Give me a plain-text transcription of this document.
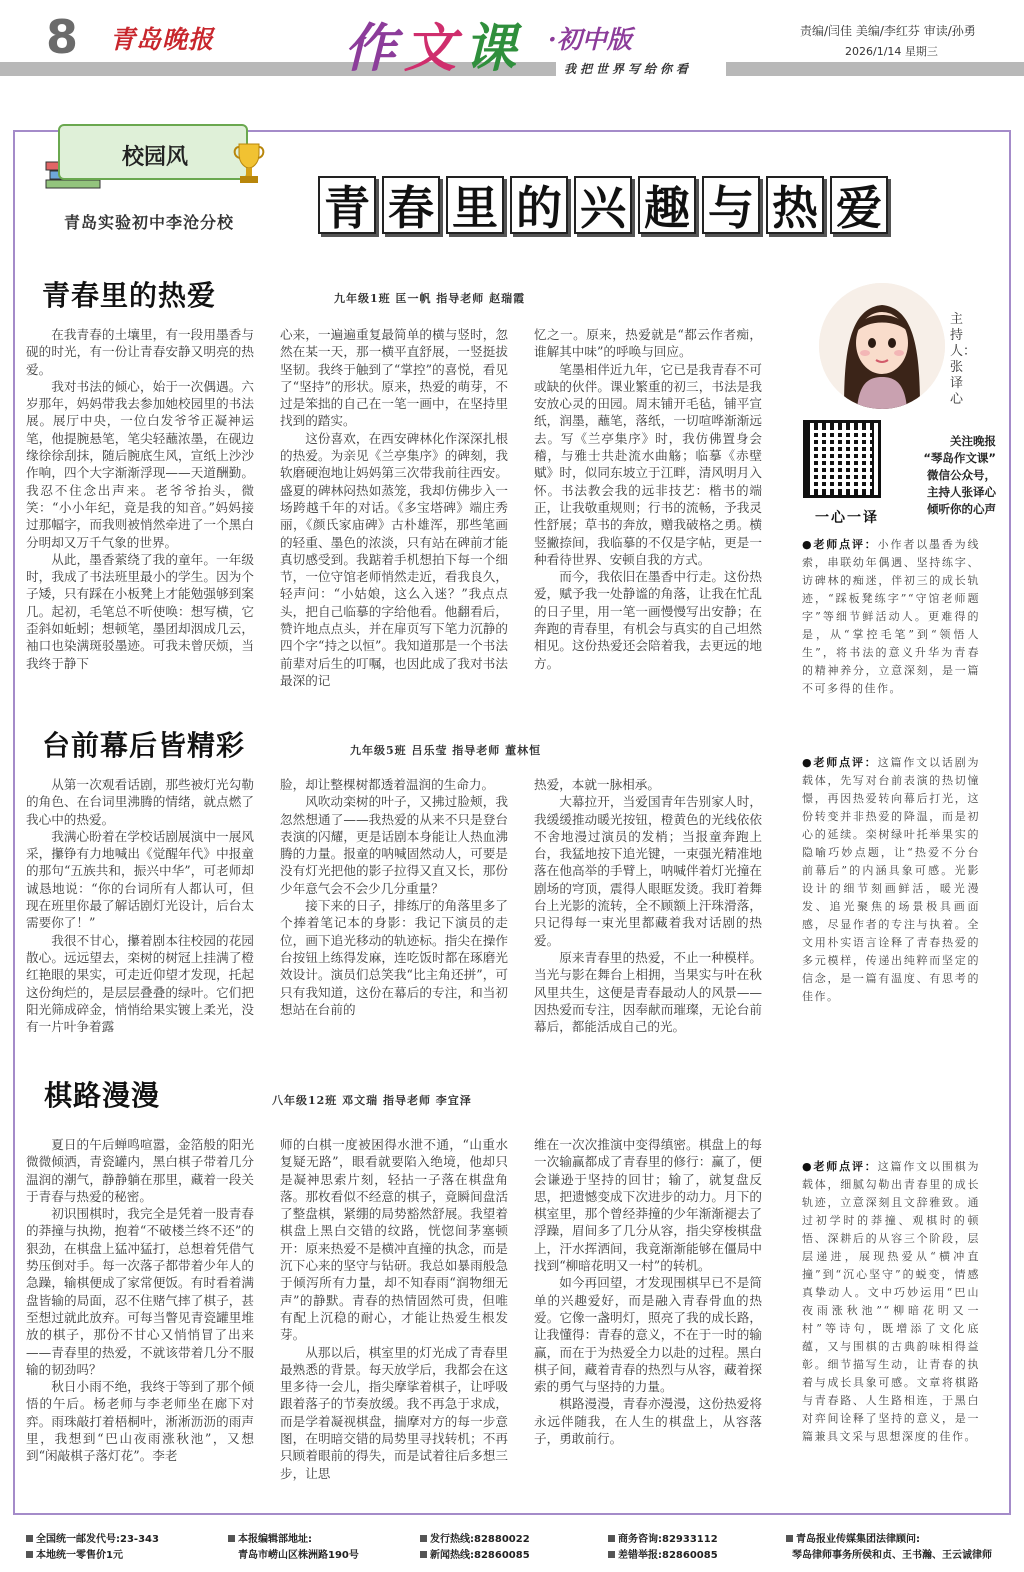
8 青岛晚报 作文课 ·初中版
我把世界写给你看
责编/闫佳 美编/李红芬 审读/孙勇
2026/1/14 星期三
校园风
青岛实验初中李沧分校 青 春 里 的 兴 趣 与 热 爱
青春里的热爱	九年级1班 匡一帆 指导老师 赵瑞霞

在我青春的土壤里，有一段用墨香与砚的时光，有一份让青春安静又明亮的热爱。

我对书法的倾心，始于一次偶遇。六岁那年，妈妈带我去参加她校园里的书法展。展厅中央，一位白发爷爷正凝神运笔，他提腕悬笔，笔尖轻蘸浓墨，在砚边缘徐徐刮抹，随后腕底生风，宣纸上沙沙作响，四个大字渐渐浮现——天道酬勤。我忍不住念出声来。老爷爷抬头，微笑：“小小年纪，竟是我的知音。”妈妈接过那幅字，而我则被悄然牵进了一个黑白分明却又万千气象的世界。

从此，墨香萦绕了我的童年。一年级时，我成了书法班里最小的学生。因为个子矮，只有踩在小板凳上才能勉强够到案几。起初，毛笔总不听使唤：想写横，它歪斜如蚯蚓；想顿笔，墨团却洇成几云，袖口也染满斑驳墨迹。可我未曾厌烦，当我终于静下

心来，一遍遍重复最简单的横与竖时，忽然在某一天，那一横平直舒展，一竖挺拔坚韧。我终于触到了“掌控”的喜悦，看见了“坚持”的形状。原来，热爱的萌芽，不过是笨拙的自己在一笔一画中，在坚持里找到的踏实。

这份喜欢，在西安碑林化作深深扎根的热爱。为亲见《兰亭集序》的碑刻，我软磨硬泡地让妈妈第三次带我前往西安。盛夏的碑林闷热如蒸笼，我却仿佛步入一场跨越千年的对话。《多宝塔碑》端庄秀丽，《颜氏家庙碑》古朴雄浑，那些笔画的轻重、墨色的浓淡，只有站在碑前才能真切感受到。我踮着手机想拍下每一个细节，一位守馆老师悄然走近，看我良久，轻声问：“小姑娘，这么入迷？”我点点头，把自己临摹的字给他看。他翻看后，赞许地点点头，并在扉页写下笔力沉静的四个字“持之以恒”。我知道那是一个书法前辈对后生的叮嘱，也因此成了我对书法最深的记

忆之一。原来，热爱就是“都云作者痴，谁解其中味”的呼唤与回应。

笔墨相伴近九年，它已是我青春不可或缺的伙伴。课业繁重的初三，书法是我安放心灵的田园。周末铺开毛毡，铺平宣纸，润墨，蘸笔，落纸，一切喧哗渐渐远去。写《兰亭集序》时，我仿佛置身会稽，与雅士共赴流水曲觞；临摹《赤壁赋》时，似同东坡立于江畔，清风明月入怀。书法教会我的远非技艺：楷书的端正，让我敬重规则；行书的流畅，予我灵性舒展；草书的奔放，赠我破格之勇。横竖撇捺间，我临摹的不仅是字帖，更是一种看待世界、安顿自我的方式。

而今，我依旧在墨香中行走。这份热爱，赋予我一处静谧的角落，让我在忙乱的日子里，用一笔一画慢慢写出安静；在奔跑的青春里，有机会与真实的自己坦然相见。这份热爱还会陪着我，去更远的地方。

主持人：张译心
一心一译
关注晚报
“琴岛作文课”
微信公众号，
主持人张译心
倾听你的心声
●老师点评：小作者以墨香为线索，串联幼年偶遇、坚持练字、访碑林的痴迷，伴初三的成长轨迹，“踩板凳练字”“守馆老师题字”等细节鲜活动人。更难得的是，从“掌控毛笔”到“领悟人生”，将书法的意义升华为青春的精神养分，立意深刻，是一篇不可多得的佳作。
台前幕后皆精彩	九年级5班 吕乐莹 指导老师 董林恒

从第一次观看话剧，那些被灯光勾勒的角色、在台词里沸腾的情绪，就点燃了我心中的热爱。

我满心盼着在学校话剧展演中一展风采，攥铮有力地喊出《觉醒年代》中报童的那句“五族共和，振兴中华”，可老师却诚恳地说：“你的台词所有人都认可，但现在班里你最了解话剧灯光设计，后台太需要你了！”

我很不甘心，攥着剧本往校园的花园散心。远远望去，栾树的树冠上挂满了橙红艳眼的果实，可走近仰望才发现，托起这份绚烂的，是层层叠叠的绿叶。它们把阳光筛成碎金，悄悄给果实镀上柔光，没有一片叶争着露

脸，却让整棵树都透着温润的生命力。

风吹动栾树的叶子，又拂过脸颊，我忽然想通了——我热爱的从来不只是登台表演的闪耀，更是话剧本身能让人热血沸腾的力量。报童的呐喊固然动人，可要是没有灯光把他的影子拉得又直又长，那份少年意气会不会少几分重量？

接下来的日子，排练厅的角落里多了个捧着笔记本的身影：我记下演员的走位，画下追光移动的轨迹标。指尖在操作台按钮上练得发麻，连吃饭时都在琢磨光效设计。演员们总笑我“比主角还拼”，可只有我知道，这份在幕后的专注，和当初想站在台前的

热爱，本就一脉相承。

大幕拉开，当爱国青年告别家人时，我缓缓推动暖光按钮，橙黄色的光线依依不舍地漫过演员的发梢；当报童奔跑上台，我猛地按下追光键，一束强光精准地落在他高举的手臂上，呐喊伴着灯光撞在剧场的穹顶，震得人眼眶发烫。我盯着舞台上光影的流转，全不顾额上汗珠滑落，只记得每一束光里都藏着我对话剧的热爱。

原来青春里的热爱，不止一种模样。当光与影在舞台上相拥，当果实与叶在秋风里共生，这便是青春最动人的风景——因热爱而专注，因奉献而璀璨，无论台前幕后，都能活成自己的光。

●老师点评：这篇作文以话剧为载体，先写对台前表演的热切憧憬，再因热爱转向幕后打光，这份转变并非热爱的降温，而是初心的延续。栾树绿叶托举果实的隐喻巧妙点题，让“热爱不分台前幕后”的内涵具象可感。光影设计的细节刻画鲜活，暖光漫发、追光聚焦的场景极具画面感，尽显作者的专注与执着。全文用朴实语言诠释了青春热爱的多元模样，传递出纯粹而坚定的信念，是一篇有温度、有思考的佳作。
棋路漫漫	八年级12班 邓文瑞 指导老师 李宜泽

夏日的午后蝉鸣喧嚣，金箔般的阳光微微倾洒，青瓷罐内，黑白棋子带着几分温润的潮气，静静躺在那里，藏着一段关于青春与热爱的秘密。

初识围棋时，我完全是凭着一股青春的莽撞与执拗，抱着“不破楼兰终不还”的狠劲，在棋盘上猛冲猛打，总想着凭借气势压倒对手。每一次落子都带着少年人的急躁，输棋便成了家常便饭。有时看着满盘皆输的局面，忍不住赌气摔了棋子，甚至想过就此放弃。可每当瞥见青瓷罐里堆放的棋子，那份不甘心又悄悄冒了出来——青春里的热爱，不就该带着几分不服输的韧劲吗？

秋日小雨不绝，我终于等到了那个倾悟的午后。杨老师与李老师坐在廊下对弈。雨珠敲打着梧桐叶，淅淅沥沥的雨声里，我想到“巴山夜雨涨秋池”，又想到“闲敲棋子落灯花”。李老

师的白棋一度被困得水泄不通，“山重水复疑无路”，眼看就要陷入绝境，他却只是凝神思索片刻，轻拈一子落在棋盘角落。那枚看似不经意的棋子，竟瞬间盘活了整盘棋，紧绷的局势豁然舒展。我望着棋盘上黑白交错的纹路，恍惚间茅塞顿开：原来热爱不是横冲直撞的执念，而是沉下心来的坚守与钻研。我总如暴雨般急于倾泻所有力量，却不知春雨“润物细无声”的静默。青春的热情固然可贵，但唯有配上沉稳的耐心，才能让热爱生根发芽。

从那以后，棋室里的灯光成了青春里最熟悉的背景。每天放学后，我都会在这里多待一会儿，指尖摩挲着棋子，让呼吸跟着落子的节奏放缓。我不再急于求成，而是学着凝视棋盘，揣摩对方的每一步意图，在明暗交错的局势里寻找转机；不再只顾着眼前的得失，而是试着往后多想三步，让思

维在一次次推演中变得缜密。棋盘上的每一次输赢都成了青春里的修行：赢了，便会谦逊于坚持的回甘；输了，就复盘反思，把遗憾变成下次进步的动力。月下的棋室里，那个曾经莽撞的少年渐渐褪去了浮躁，眉间多了几分从容，指尖穿梭棋盘上，汗水挥洒间，我竟渐渐能够在僵局中找到“柳暗花明又一村”的转机。

如今再回望，才发现围棋早已不是简单的兴趣爱好，而是融入青春骨血的热爱。它像一盏明灯，照亮了我的成长路，让我懂得：青春的意义，不在于一时的输赢，而在于为热爱全力以赴的过程。黑白棋子间，藏着青春的热烈与从容，藏着探索的勇气与坚持的力量。

棋路漫漫，青春亦漫漫，这份热爱将永远伴随我，在人生的棋盘上，从容落子，勇敢前行。

●老师点评：这篇作文以围棋为载体，细腻勾勒出青春里的成长轨迹，立意深刻且文辞雅致。通过初学时的莽撞、观棋时的顿悟、深耕后的从容三个阶段，层层递进，展现热爱从“横冲直撞”到“沉心坚守”的蜕变，情感真挚动人。文中巧妙运用“巴山夜雨涨秋池”“柳暗花明又一村”等诗句，既增添了文化底蕴，又与围棋的古典韵味相得益彰。细节描写生动，让青春的执着与成长具象可感。文章将棋路与青春路、人生路相连，于黑白对弈间诠释了坚持的意义，是一篇兼具文采与思想深度的佳作。
全国统一邮发代号:23-343
本地统一零售价1元
本报编辑部地址:
青岛市崂山区株洲路190号
发行热线:82880022
新闻热线:82860085
商务咨询:82933112
差错举报:82860085
青岛报业传媒集团法律顾问:
琴岛律师事务所侯和贞、王书瀚、王云诚律师
